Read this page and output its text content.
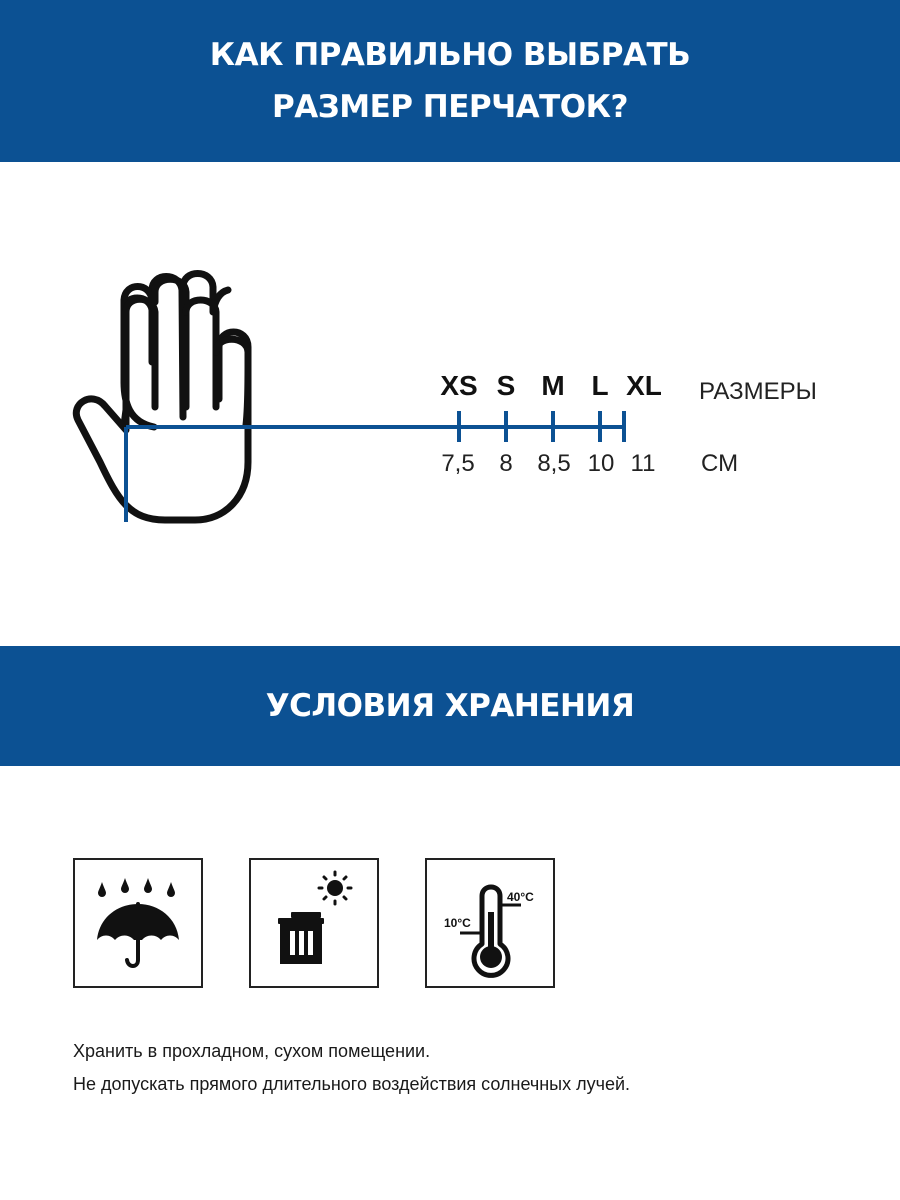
КАК ПРАВИЛЬНО ВЫБРАТЬ
РАЗМЕР ПЕРЧАТОК?
XS S M L XL РАЗМЕРЫ
7,5 8 8,5 10 11 СМ
УСЛОВИЯ ХРАНЕНИЯ
40°C
10°C
Хранить в прохладном, сухом помещении.
Не допускать прямого длительного воздействия солнечных лучей.
